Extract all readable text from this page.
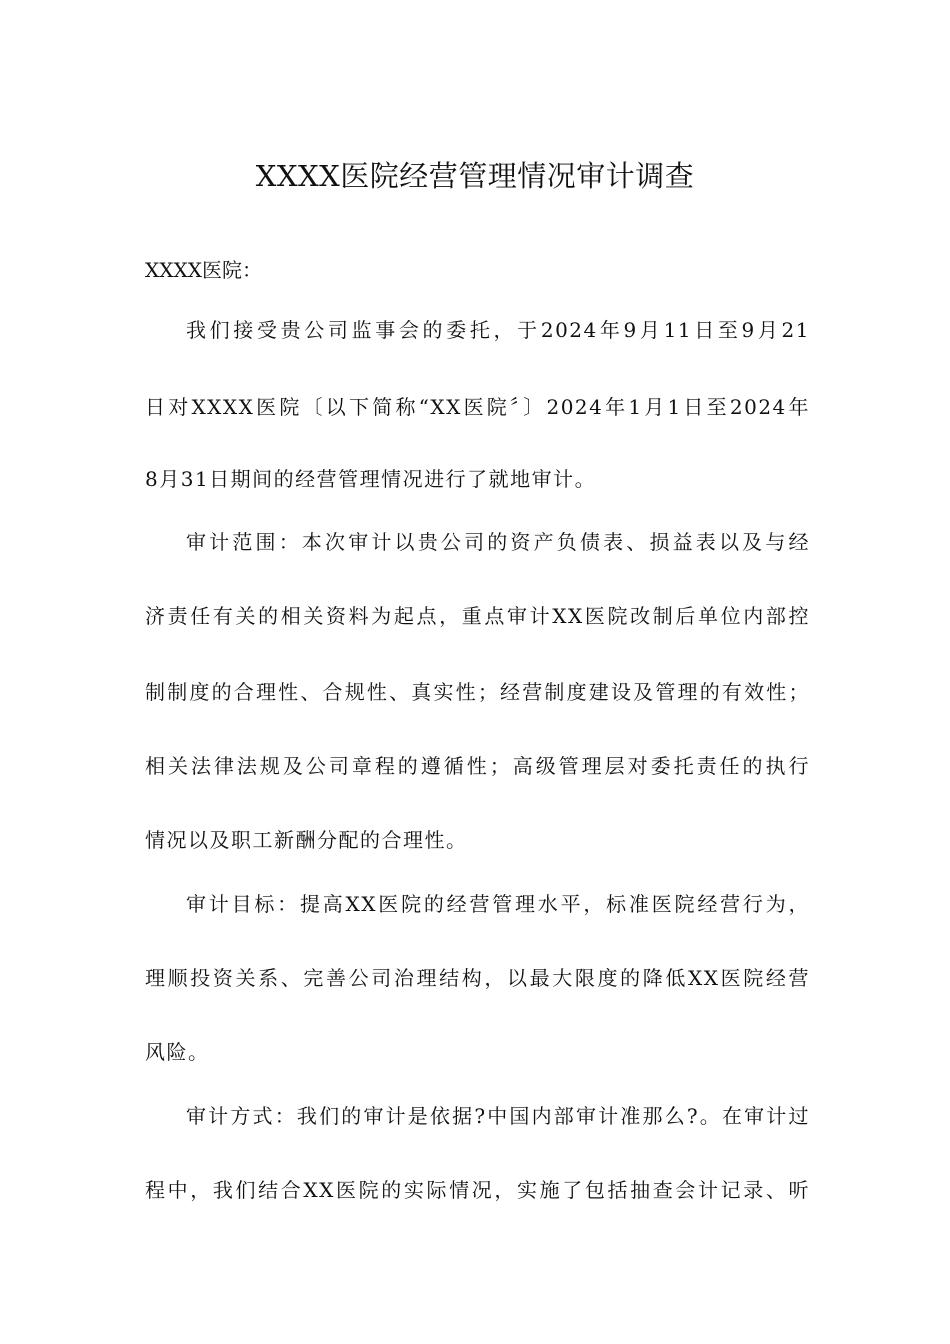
XXXX医院经营管理情况审计调查

XXXX医院：

我们接受贵公司监事会的委托，于2024年9月11日至9月21

日对XXXX医院〔以下简称“XX医院〞〕2024年1月1日至2024年

8月31日期间的经营管理情况进行了就地审计。

审计范围：本次审计以贵公司的资产负债表、损益表以及与经

济责任有关的相关资料为起点，重点审计XX医院改制后单位内部控

制制度的合理性、合规性、真实性；经营制度建设及管理的有效性；

相关法律法规及公司章程的遵循性；高级管理层对委托责任的执行

情况以及职工新酬分配的合理性。

审计目标：提高XX医院的经营管理水平，标准医院经营行为，

理顺投资关系、完善公司治理结构，以最大限度的降低XX医院经营

风险。

审计方式：我们的审计是依据?中国内部审计准那么?。在审计过

程中，我们结合XX医院的实际情况，实施了包括抽查会计记录、听
